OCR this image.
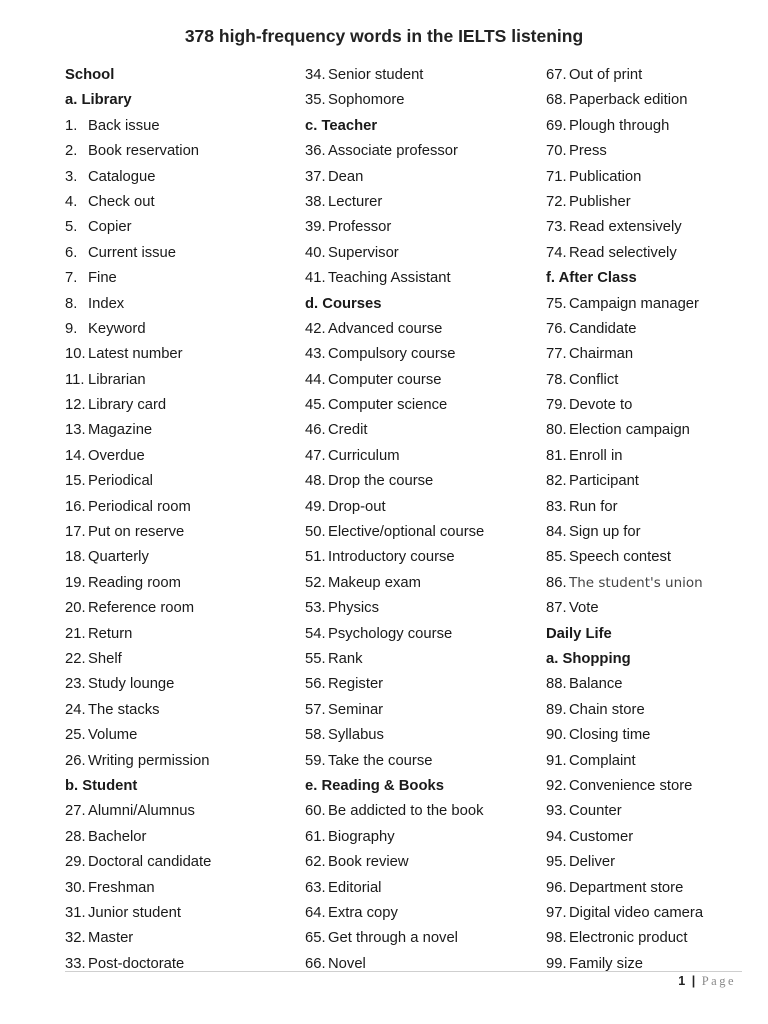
378 high-frequency words in the IELTS listening
School
a. Library
1. Back issue
2. Book reservation
3. Catalogue
4. Check out
5. Copier
6. Current issue
7. Fine
8. Index
9. Keyword
10. Latest number
11. Librarian
12. Library card
13. Magazine
14. Overdue
15. Periodical
16. Periodical room
17. Put on reserve
18. Quarterly
19. Reading room
20. Reference room
21. Return
22. Shelf
23. Study lounge
24. The stacks
25. Volume
26. Writing permission
b. Student
27. Alumni/Alumnus
28. Bachelor
29. Doctoral candidate
30. Freshman
31. Junior student
32. Master
33. Post-doctorate
34. Senior student
35. Sophomore
c. Teacher
36. Associate professor
37. Dean
38. Lecturer
39. Professor
40. Supervisor
41. Teaching Assistant
d. Courses
42. Advanced course
43. Compulsory course
44. Computer course
45. Computer science
46. Credit
47. Curriculum
48. Drop the course
49. Drop-out
50. Elective/optional course
51. Introductory course
52. Makeup exam
53. Physics
54. Psychology course
55. Rank
56. Register
57. Seminar
58. Syllabus
59. Take the course
e. Reading & Books
60. Be addicted to the book
61. Biography
62. Book review
63. Editorial
64. Extra copy
65. Get through a novel
66. Novel
67. Out of print
68. Paperback edition
69. Plough through
70. Press
71. Publication
72. Publisher
73. Read extensively
74. Read selectively
f. After Class
75. Campaign manager
76. Candidate
77. Chairman
78. Conflict
79. Devote to
80. Election campaign
81. Enroll in
82. Participant
83. Run for
84. Sign up for
85. Speech contest
86. The student's union
87. Vote
Daily Life
a. Shopping
88. Balance
89. Chain store
90. Closing time
91. Complaint
92. Convenience store
93. Counter
94. Customer
95. Deliver
96. Department store
97. Digital video camera
98. Electronic product
99. Family size
1 | Page
